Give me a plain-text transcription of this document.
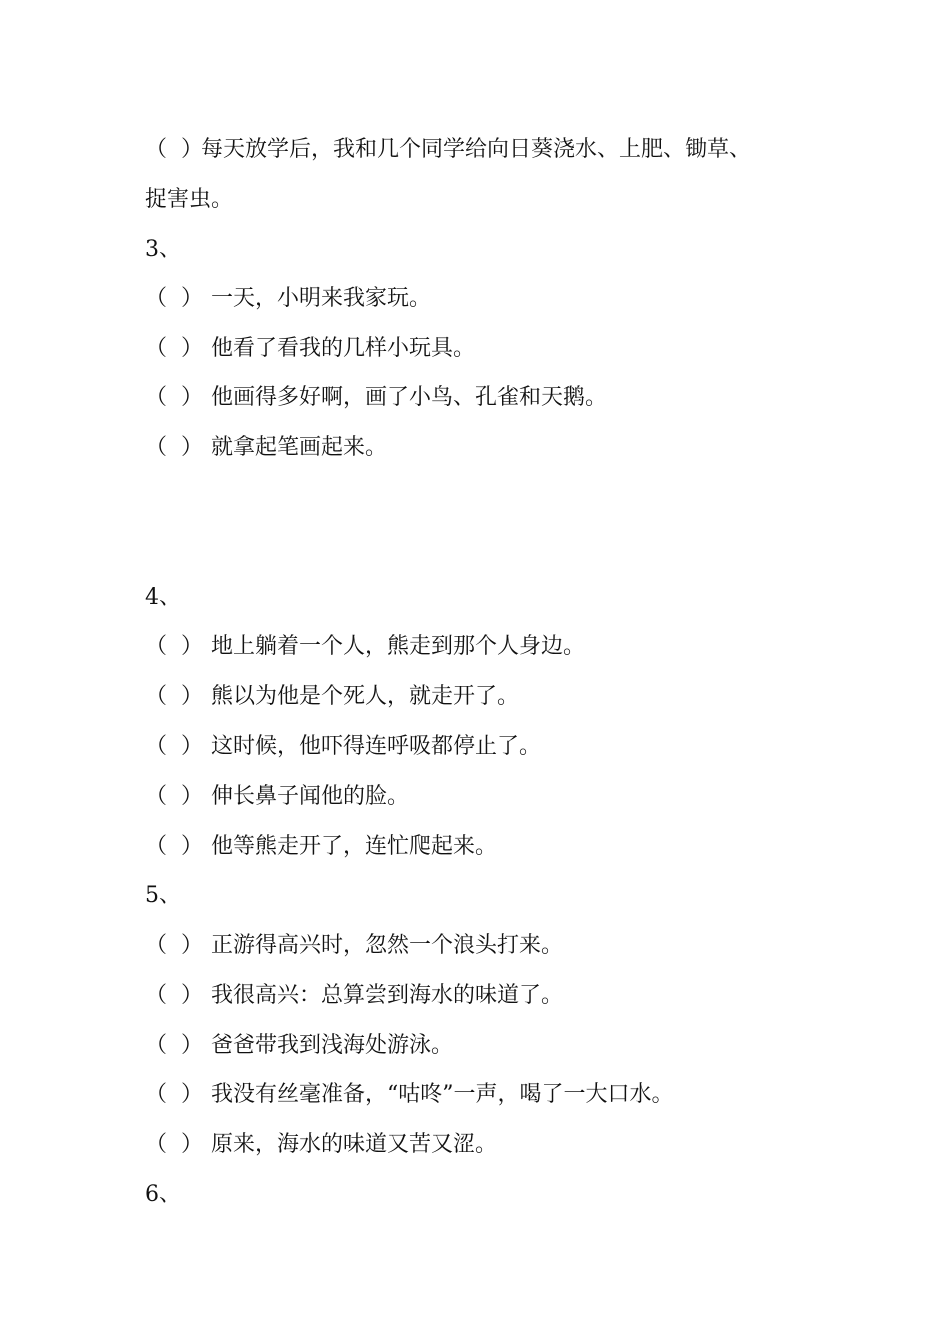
（  ）每天放学后，我和几个同学给向日葵浇水、上肥、锄草、
捉害虫。
3、
（  ） 一天，小明来我家玩。
（  ） 他看了看我的几样小玩具。
（  ） 他画得多好啊，画了小鸟、孔雀和天鹅。
（  ） 就拿起笔画起来。
4、
（  ） 地上躺着一个人，熊走到那个人身边。
（  ） 熊以为他是个死人，就走开了。
（  ） 这时候，他吓得连呼吸都停止了。
（  ） 伸长鼻子闻他的脸。
（  ） 他等熊走开了，连忙爬起来。
5、
（  ） 正游得高兴时，忽然一个浪头打来。
（  ） 我很高兴：总算尝到海水的味道了。
（  ） 爸爸带我到浅海处游泳。
（  ） 我没有丝毫准备，“咕咚”一声，喝了一大口水。
（  ） 原来，海水的味道又苦又涩。
6、
